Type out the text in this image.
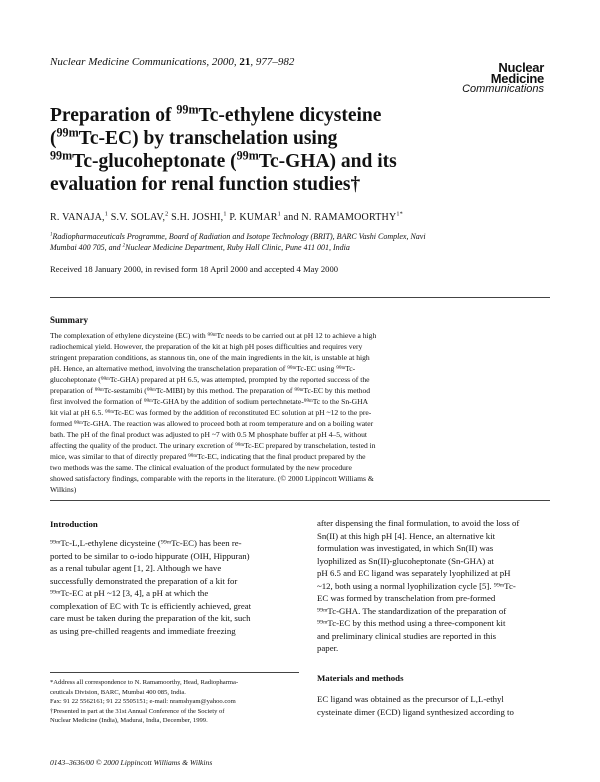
Nuclear Medicine Communications, 2000, 21, 977–982	Nuclear
Medicine
Communications
Preparation of $^{99m}$Tc-ethylene dicysteine
($^{99m}$Tc-EC) by transchelation using
$^{99m}$Tc-glucoheptonate ($^{99m}$Tc-GHA) and its
evaluation for renal function studies†
R. VANAJA,$^1$ S.V. SOLAV,$^2$ S.H. JOSHI,$^1$ P. KUMAR$^1$ and N. $RAMAMOORTHY^{1*}$
$^1$Radiopharmaceuticals Programme, Board of Radiation and Isotope Technology (BRIT), BARC Vashi Complex, Navi
Mumbai 400 705, and $^2$Nuclear Medicine Department, Ruby Hall Clinic, Pune 411 001, India
Received 18 January 2000, in revised form 18 April 2000 and accepted 4 May 2000
Summary
The complexation of ethylene dicysteine (EC) with ⁹⁹ᵐTc needs to be carried out at pH 12 to achieve a high
radiochemical yield. However, the preparation of the kit at high pH poses difficulties and requires very
stringent preparation conditions, as stannous tin, one of the main ingredients in the kit, is unstable at high
pH. Hence, an alternative method, involving the transchelation preparation of ⁹⁹ᵐTc-EC using ⁹⁹ᵐTc-
glucoheptonate (⁹⁹ᵐTc-GHA) prepared at pH 6.5, was attempted, prompted by the reported success of the
preparation of ⁹⁹ᵐTc-sestamibi (⁹⁹ᵐTc-MIBI) by this method. The preparation of ⁹⁹ᵐTc-EC by this method
first involved the formation of ⁹⁹ᵐTc-GHA by the addition of sodium pertechnetate-⁹⁹ᵐTc to the Sn-GHA
kit vial at pH 6.5. ⁹⁹ᵐTc-EC was formed by the addition of reconstituted EC solution at pH ~12 to the pre-
formed ⁹⁹ᵐTc-GHA. The reaction was allowed to proceed both at room temperature and on a boiling water
bath. The pH of the final product was adjusted to pH ~7 with 0.5 M phosphate buffer at pH 4–5, without
affecting the quality of the product. The urinary excretion of ⁹⁹ᵐTc-EC prepared by transchelation, tested in
mice, was similar to that of directly prepared ⁹⁹ᵐTc-EC, indicating that the final product prepared by the
two methods was the same. The clinical evaluation of the product formulated by the new procedure
showed satisfactory findings, comparable with the reports in the literature. (© 2000 Lippincott Williams &
Wilkins)
Introduction
⁹⁹ᵐTc-L,L-ethylene dicysteine (⁹⁹ᵐTc-EC) has been re-
ported to be similar to o-iodo hippurate (OIH, Hippuran)
as a renal tubular agent [1, 2]. Although we have
successfully demonstrated the preparation of a kit for
⁹⁹ᵐTc-EC at pH ~12 [3, 4], a pH at which the
complexation of EC with Tc is efficiently achieved, great
care must be taken during the preparation of the kit, such
as using pre-chilled reagents and immediate freezing
*Address all correspondence to N. Ramamoorthy, Head, Radiopharma-
ceuticals Division, BARC, Mumbai 400 085, India.
Fax: 91 22 5562161; 91 22 5505151; e-mail: nramshyam@yahoo.com
†Presented in part at the 31st Annual Conference of the Society of
Nuclear Medicine (India), Madurai, India, December, 1999.
after dispensing the final formulation, to avoid the loss of
Sn(II) at this high pH [4]. Hence, an alternative kit
formulation was investigated, in which Sn(II) was
lyophilized as Sn(II)-glucoheptonate (Sn-GHA) at
pH 6.5 and EC ligand was separately lyophilized at pH
~12, both using a normal lyophilization cycle [5]. ⁹⁹ᵐTc-
EC was formed by transchelation from pre-formed
⁹⁹ᵐTc-GHA. The standardization of the preparation of
⁹⁹ᵐTc-EC by this method using a three-component kit
and preliminary clinical studies are reported in this
paper.
Materials and methods
EC ligand was obtained as the precursor of L,L-ethyl
cysteinate dimer (ECD) ligand synthesized according to
0143–3636/00 © 2000 Lippincott Williams & Wilkins
